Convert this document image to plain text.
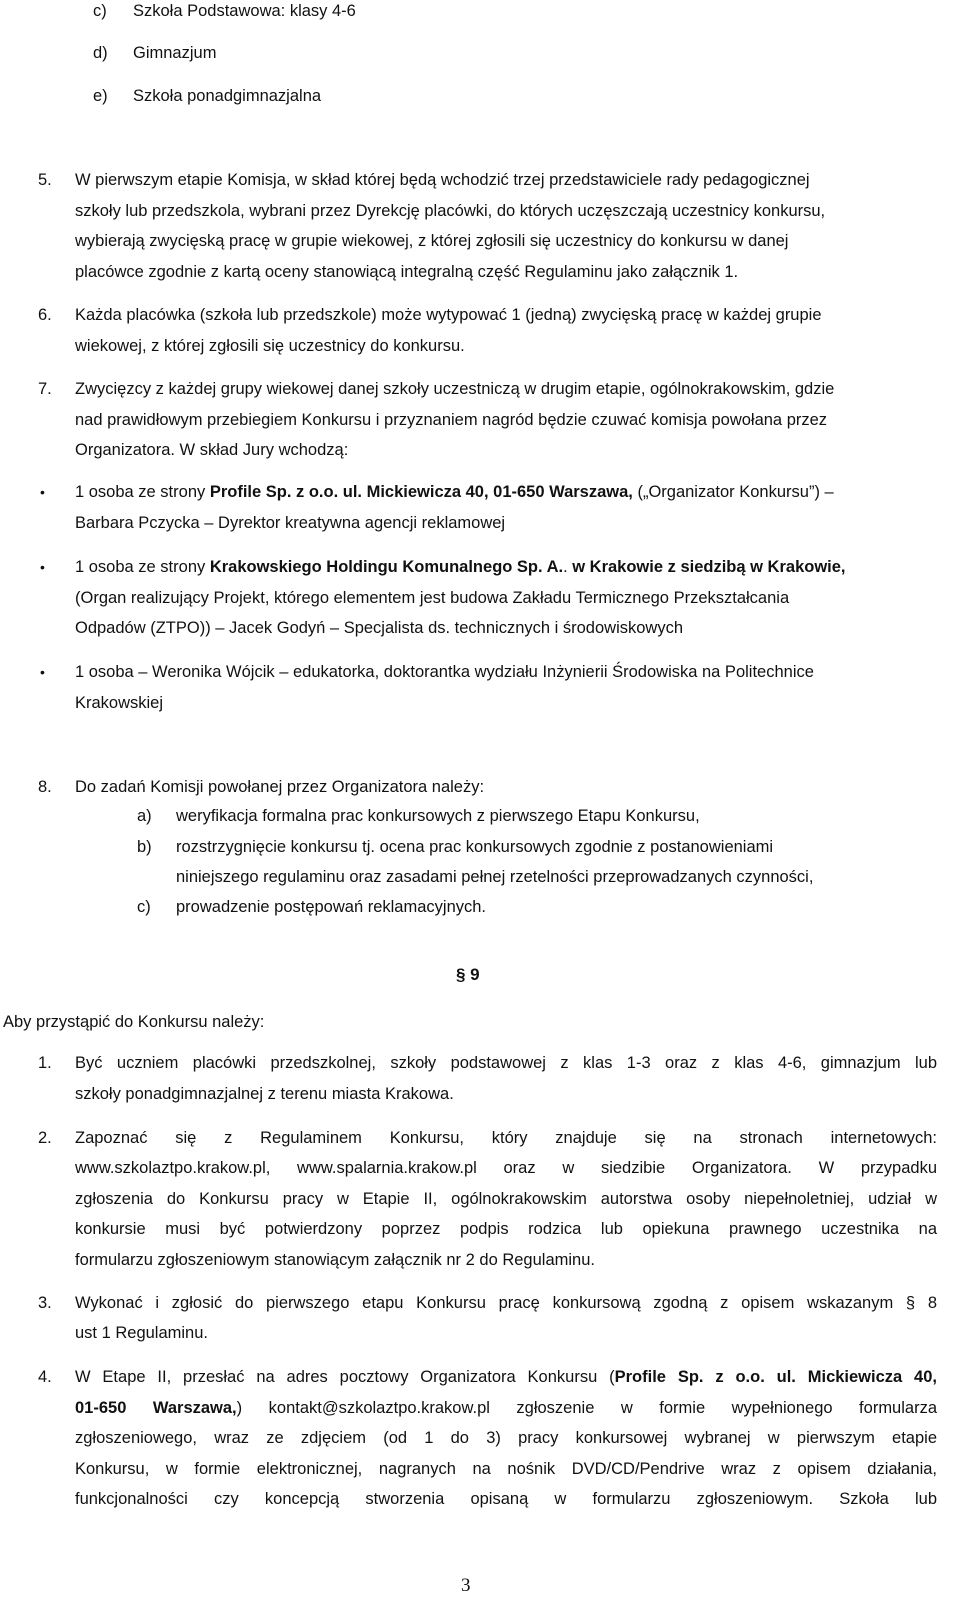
c) Szkoła Podstawowa: klasy 4-6
d) Gimnazjum
e) Szkoła ponadgimnazjalna
5. W pierwszym etapie Komisja, w skład której będą wchodzić trzej przedstawiciele rady pedagogicznej
szkoły lub przedszkola, wybrani przez Dyrekcję placówki, do których uczęszczają uczestnicy konkursu,
wybierają zwycięską pracę w grupie wiekowej, z której zgłosili się uczestnicy do konkursu w danej
placówce zgodnie z kartą oceny stanowiącą integralną część Regulaminu jako załącznik 1.
6. Każda placówka (szkoła lub przedszkole) może wytypować 1 (jedną) zwycięską pracę w każdej grupie
wiekowej, z której zgłosili się uczestnicy do konkursu.
7. Zwycięzcy z każdej grupy wiekowej danej szkoły uczestniczą w drugim etapie, ogólnokrakowskim, gdzie
nad prawidłowym przebiegiem Konkursu i przyznaniem nagród będzie czuwać komisja powołana przez
Organizatora. W skład Jury wchodzą:
• 1 osoba ze strony Profile Sp. z o.o. ul. Mickiewicza 40, 01-650 Warszawa, („Organizator Konkursu”) –
Barbara Pczycka – Dyrektor kreatywna agencji reklamowej
• 1 osoba ze strony Krakowskiego Holdingu Komunalnego Sp. A.. w Krakowie z siedzibą w Krakowie,
(Organ realizujący Projekt, którego elementem jest budowa Zakładu Termicznego Przekształcania
Odpadów (ZTPO)) – Jacek Godyń – Specjalista ds. technicznych i środowiskowych
• 1 osoba – Weronika Wójcik – edukatorka, doktorantka wydziału Inżynierii Środowiska na Politechnice
Krakowskiej
8. Do zadań Komisji powołanej przez Organizatora należy:
a) weryfikacja formalna prac konkursowych z pierwszego Etapu Konkursu,
b) rozstrzygnięcie konkursu tj. ocena prac konkursowych zgodnie z postanowieniami
niniejszego regulaminu oraz zasadami pełnej rzetelności przeprowadzanych czynności,
c) prowadzenie postępowań reklamacyjnych.
§ 9
Aby przystąpić do Konkursu należy:
1. Być uczniem placówki przedszkolnej, szkoły podstawowej z klas 1-3 oraz z klas 4-6, gimnazjum lub
szkoły ponadgimnazjalnej z terenu miasta Krakowa.
2. Zapoznać się z Regulaminem Konkursu, który znajduje się na stronach internetowych:
www.szkolaztpo.krakow.pl, www.spalarnia.krakow.pl oraz w siedzibie Organizatora. W przypadku
zgłoszenia do Konkursu pracy w Etapie II, ogólnokrakowskim autorstwa osoby niepełnoletniej, udział w
konkursie musi być potwierdzony poprzez podpis rodzica lub opiekuna prawnego uczestnika na
formularzu zgłoszeniowym stanowiącym załącznik nr 2 do Regulaminu.
3. Wykonać i zgłosić do pierwszego etapu Konkursu pracę konkursową zgodną z opisem wskazanym § 8
ust 1 Regulaminu.
4. W Etape II, przesłać na adres pocztowy Organizatora Konkursu (Profile Sp. z o.o. ul. Mickiewicza 40,
01-650 Warszawa,) kontakt@szkolaztpo.krakow.pl zgłoszenie w formie wypełnionego formularza
zgłoszeniowego, wraz ze zdjęciem (od 1 do 3) pracy konkursowej wybranej w pierwszym etapie
Konkursu, w formie elektronicznej, nagranych na nośnik DVD/CD/Pendrive wraz z opisem działania,
funkcjonalności czy koncepcją stworzenia opisaną w formularzu zgłoszeniowym. Szkoła lub
3
